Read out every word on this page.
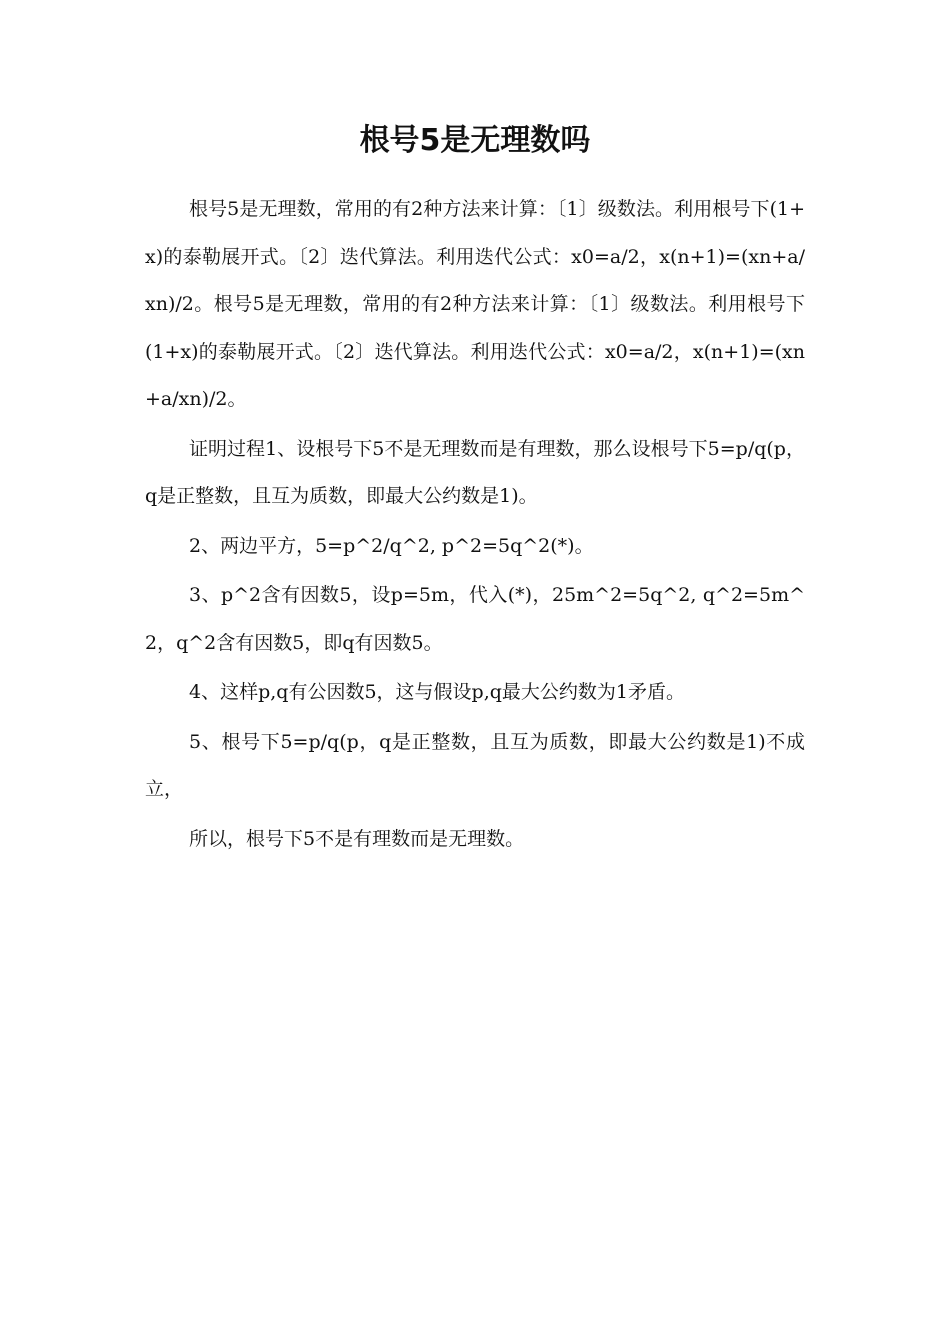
根号5是无理数吗

根号5是无理数，常用的有2种方法来计算：〔1〕级数法。利用根号下(1+x)的泰勒展开式。〔2〕迭代算法。利用迭代公式：x0=a/2，x(n+1)=(xn+a/xn)/2。根号5是无理数，常用的有2种方法来计算：〔1〕级数法。利用根号下(1+x)的泰勒展开式。〔2〕迭代算法。利用迭代公式：x0=a/2，x(n+1)=(xn+a/xn)/2。

证明过程1、设根号下5不是无理数而是有理数，那么设根号下5=p/q(p，q是正整数，且互为质数，即最大公约数是1)。

2、两边平方，5=p^2/q^2, p^2=5q^2(*)。

3、p^2含有因数5，设p=5m，代入(*)，25m^2=5q^2, q^2=5m^2，q^2含有因数5，即q有因数5。

4、这样p,q有公因数5，这与假设p,q最大公约数为1矛盾。

5、根号下5=p/q(p，q是正整数，且互为质数，即最大公约数是1)不成立，

所以，根号下5不是有理数而是无理数。
